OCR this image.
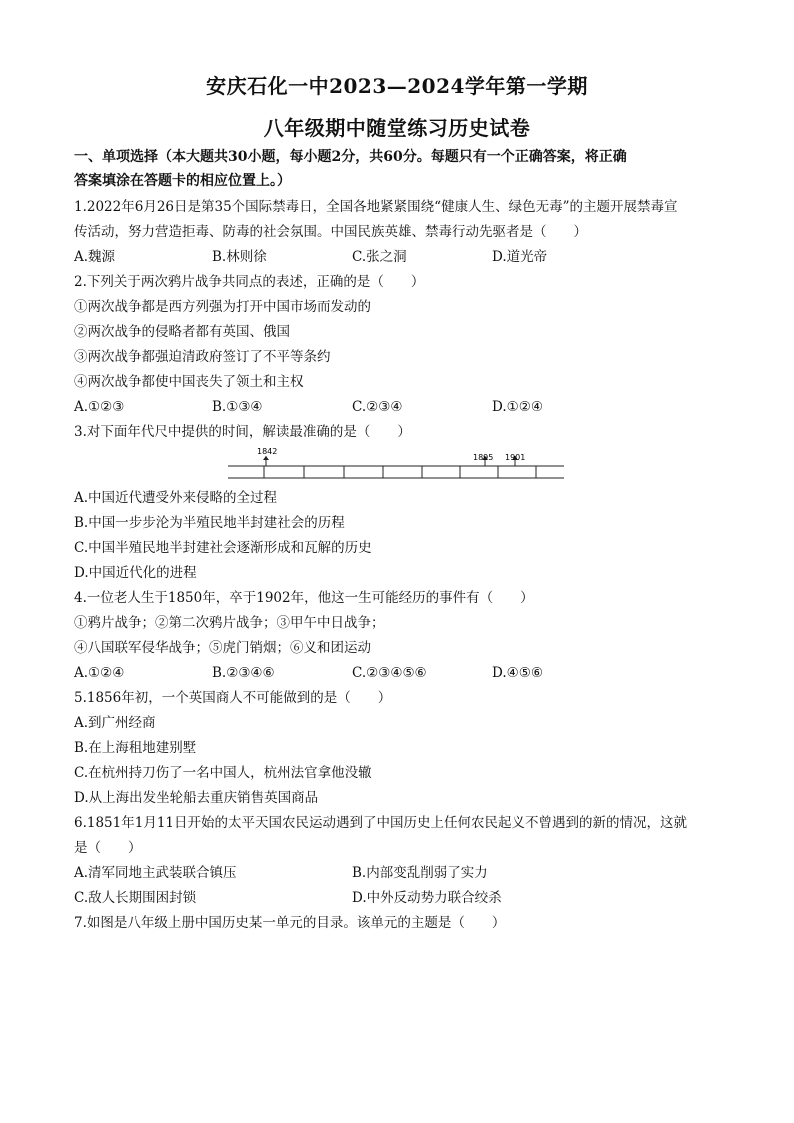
安庆石化一中2023—2024学年第一学期
八年级期中随堂练习历史试卷
一、单项选择（本大题共30小题，每小题2分，共60分。每题只有一个正确答案，将正确
答案填涂在答题卡的相应位置上。）
1.2022年6月26日是第35个国际禁毒日，全国各地紧紧围绕“健康人生、绿色无毒”的主题开展禁毒宣
传活动，努力营造拒毒、防毒的社会氛围。中国民族英雄、禁毒行动先驱者是（　　）
A.魏源	B.林则徐	C.张之洞	D.道光帝
2.下列关于两次鸦片战争共同点的表述，正确的是（　　）
①两次战争都是西方列强为打开中国市场而发动的
②两次战争的侵略者都有英国、俄国
③两次战争都强迫清政府签订了不平等条约
④两次战争都使中国丧失了领土和主权
A.①②③	B.①③④	C.②③④	D.①②④
3.对下面年代尺中提供的时间，解读最准确的是（　　）
1842
1895 1901
A.中国近代遭受外来侵略的全过程
B.中国一步步沦为半殖民地半封建社会的历程
C.中国半殖民地半封建社会逐渐形成和瓦解的历史
D.中国近代化的进程
4.一位老人生于1850年，卒于1902年，他这一生可能经历的事件有（　　）
①鸦片战争；②第二次鸦片战争；③甲午中日战争；
④八国联军侵华战争；⑤虎门销烟；⑥义和团运动
A.①②④	B.②③④⑥	C.②③④⑤⑥	D.④⑤⑥
5.1856年初，一个英国商人不可能做到的是（　　）
A.到广州经商
B.在上海租地建别墅
C.在杭州持刀伤了一名中国人，杭州法官拿他没辙
D.从上海出发坐轮船去重庆销售英国商品
6.1851年1月11日开始的太平天国农民运动遇到了中国历史上任何农民起义不曾遇到的新的情况，这就
是（　　）
A.清军同地主武装联合镇压	B.内部变乱削弱了实力
C.敌人长期围困封锁	D.中外反动势力联合绞杀
7.如图是八年级上册中国历史某一单元的目录。该单元的主题是（　　）
